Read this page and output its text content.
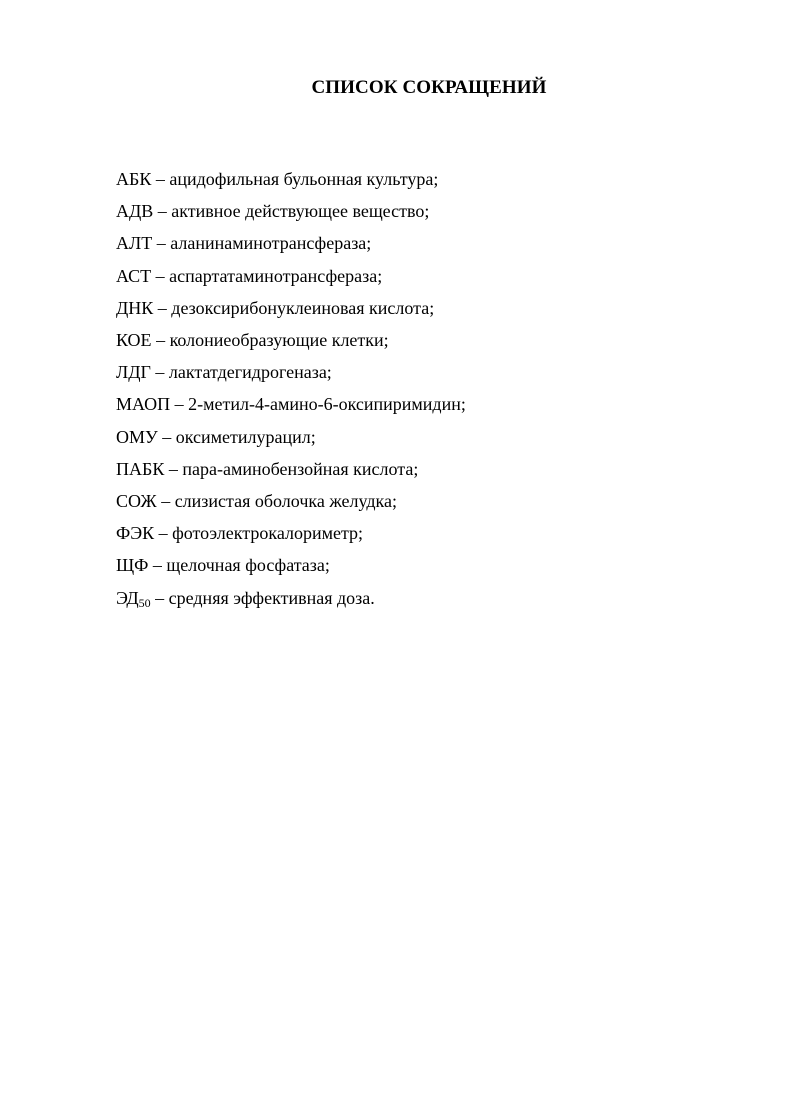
СПИСОК СОКРАЩЕНИЙ
АБК – ацидофильная бульонная культура;
АДВ – активное действующее вещество;
АЛТ – аланинаминотрансфераза;
АСТ – аспартатаминотрансфераза;
ДНК – дезоксирибонуклеиновая кислота;
КОЕ – колониеобразующие клетки;
ЛДГ – лактатдегидрогеназа;
МАОП – 2-метил-4-амино-6-оксипиримидин;
ОМУ – оксиметилурацил;
ПАБК – пара-аминобензойная кислота;
СОЖ – слизистая оболочка желудка;
ФЭК – фотоэлектрокалориметр;
ЩФ – щелочная фосфатаза;
$ЭД_{50}$ – средняя эффективная доза.
